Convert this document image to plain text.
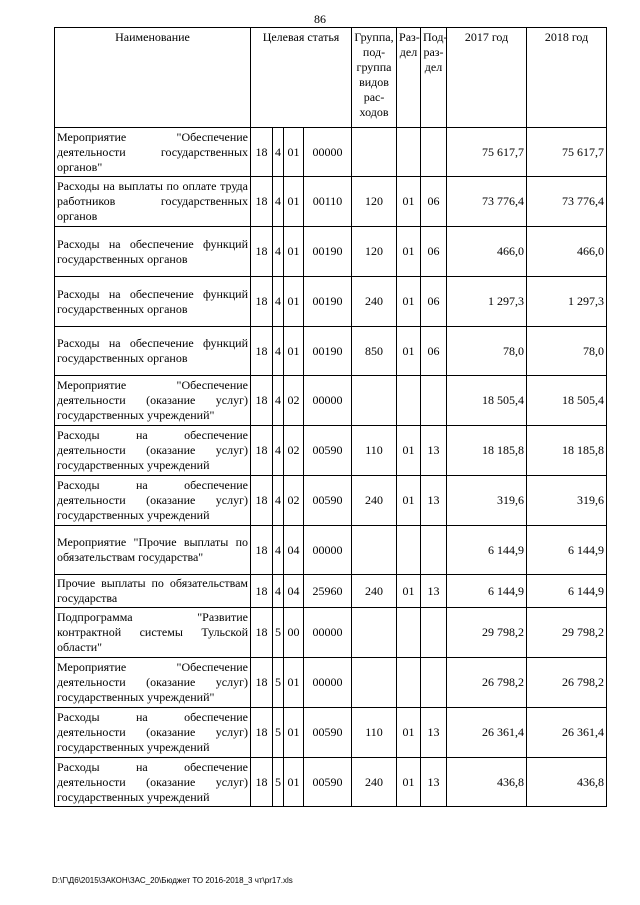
86
Наименование	Целевая статья				Группа, под- группа видов рас- ходов	Раз- дел	Под- раз- дел	2017 год	2018 год
Мероприятие "Обеспечение деятельности государственных органов"	18	4	01	00000				75 617,7	75 617,7
Расходы на выплаты по оплате труда работников государственных органов	18	4	01	00110	120	01	06	73 776,4	73 776,4
Расходы на обеспечение функций государственных органов	18	4	01	00190	120	01	06	466,0	466,0
Расходы на обеспечение функций государственных органов	18	4	01	00190	240	01	06	1 297,3	1 297,3
Расходы на обеспечение функций государственных органов	18	4	01	00190	850	01	06	78,0	78,0
Мероприятие "Обеспечение деятельности (оказание услуг) государственных учреждений"	18	4	02	00000				18 505,4	18 505,4
Расходы на обеспечение деятельности (оказание услуг) государственных учреждений	18	4	02	00590	110	01	13	18 185,8	18 185,8
Расходы на обеспечение деятельности (оказание услуг) государственных учреждений	18	4	02	00590	240	01	13	319,6	319,6
Мероприятие "Прочие выплаты по обязательствам государства"	18	4	04	00000				6 144,9	6 144,9
Прочие выплаты по обязательствам государства	18	4	04	25960	240	01	13	6 144,9	6 144,9
Подпрограмма "Развитие контрактной системы Тульской области"	18	5	00	00000				29 798,2	29 798,2
Мероприятие "Обеспечение деятельности (оказание услуг) государственных учреждений"	18	5	01	00000				26 798,2	26 798,2
Расходы на обеспечение деятельности (оказание услуг) государственных учреждений	18	5	01	00590	110	01	13	26 361,4	26 361,4
Расходы на обеспечение деятельности (оказание услуг) государственных учреждений	18	5	01	00590	240	01	13	436,8	436,8
D:\Г\Д6\2015\ЗАКОН\ЗАС_20\Бюджет ТО 2016-2018_3 чт\pr17.xls
